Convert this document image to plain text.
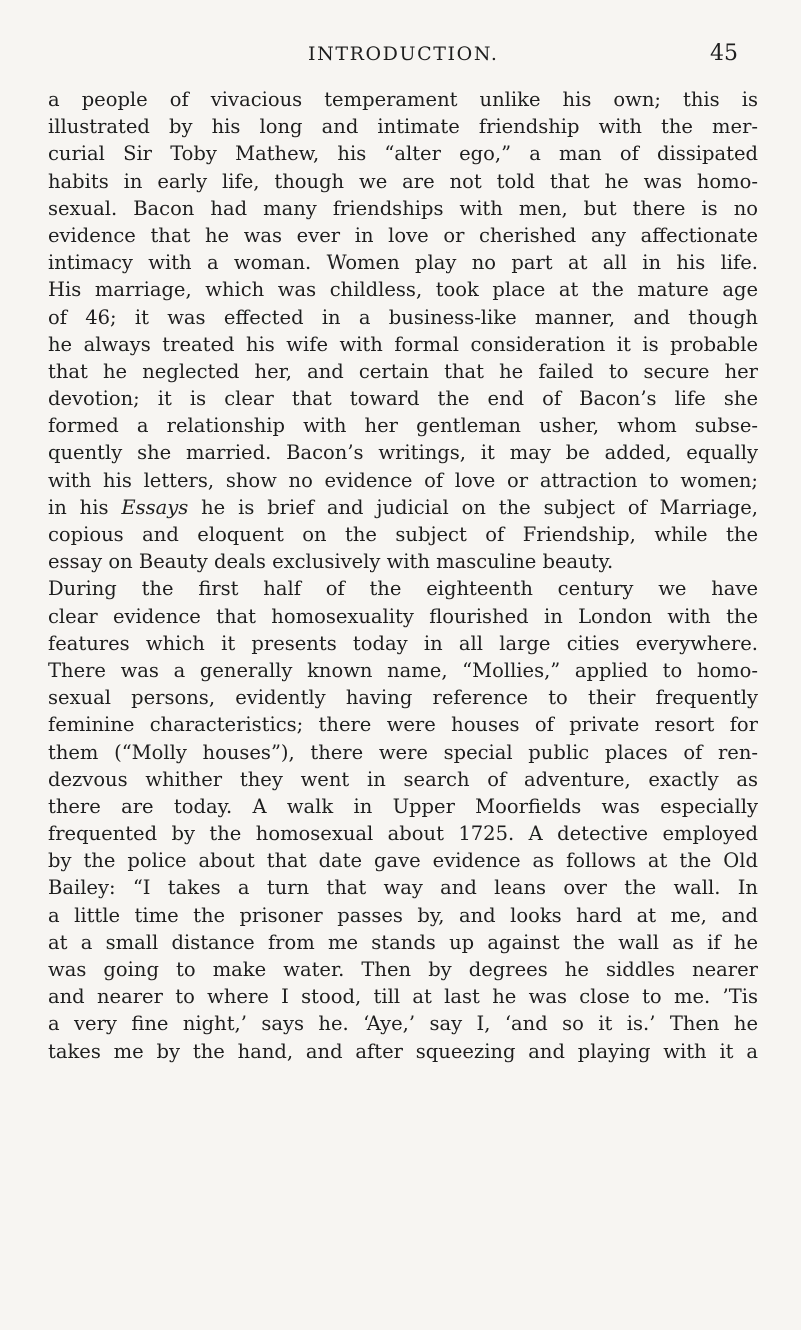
INTRODUCTION.	45
a people of vivacious temperament unlike his own; this is
illustrated by his long and intimate friendship with the mer-
curial Sir Toby Mathew, his “alter ego,” a man of dissipated
habits in early life, though we are not told that he was homo-
sexual. Bacon had many friendships with men, but there is no
evidence that he was ever in love or cherished any affectionate
intimacy with a woman. Women play no part at all in his life.
His marriage, which was childless, took place at the mature age
of 46; it was effected in a business-like manner, and though
he always treated his wife with formal consideration it is probable
that he neglected her, and certain that he failed to secure her
devotion; it is clear that toward the end of Bacon’s life she
formed a relationship with her gentleman usher, whom subse-
quently she married. Bacon’s writings, it may be added, equally
with his letters, show no evidence of love or attraction to women;
in his Essays he is brief and judicial on the subject of Marriage,
copious and eloquent on the subject of Friendship, while the
essay on Beauty deals exclusively with masculine beauty.
During the first half of the eighteenth century we have
clear evidence that homosexuality flourished in London with the
features which it presents today in all large cities everywhere.
There was a generally known name, “Mollies,” applied to homo-
sexual persons, evidently having reference to their frequently
feminine characteristics; there were houses of private resort for
them (“Molly houses”), there were special public places of ren-
dezvous whither they went in search of adventure, exactly as
there are today. A walk in Upper Moorfields was especially
frequented by the homosexual about 1725. A detective employed
by the police about that date gave evidence as follows at the Old
Bailey: “I takes a turn that way and leans over the wall. In
a little time the prisoner passes by, and looks hard at me, and
at a small distance from me stands up against the wall as if he
was going to make water. Then by degrees he siddles nearer
and nearer to where I stood, till at last he was close to me. ’Tis
a very fine night,’ says he. ‘Aye,’ say I, ‘and so it is.’ Then he
takes me by the hand, and after squeezing and playing with it a
